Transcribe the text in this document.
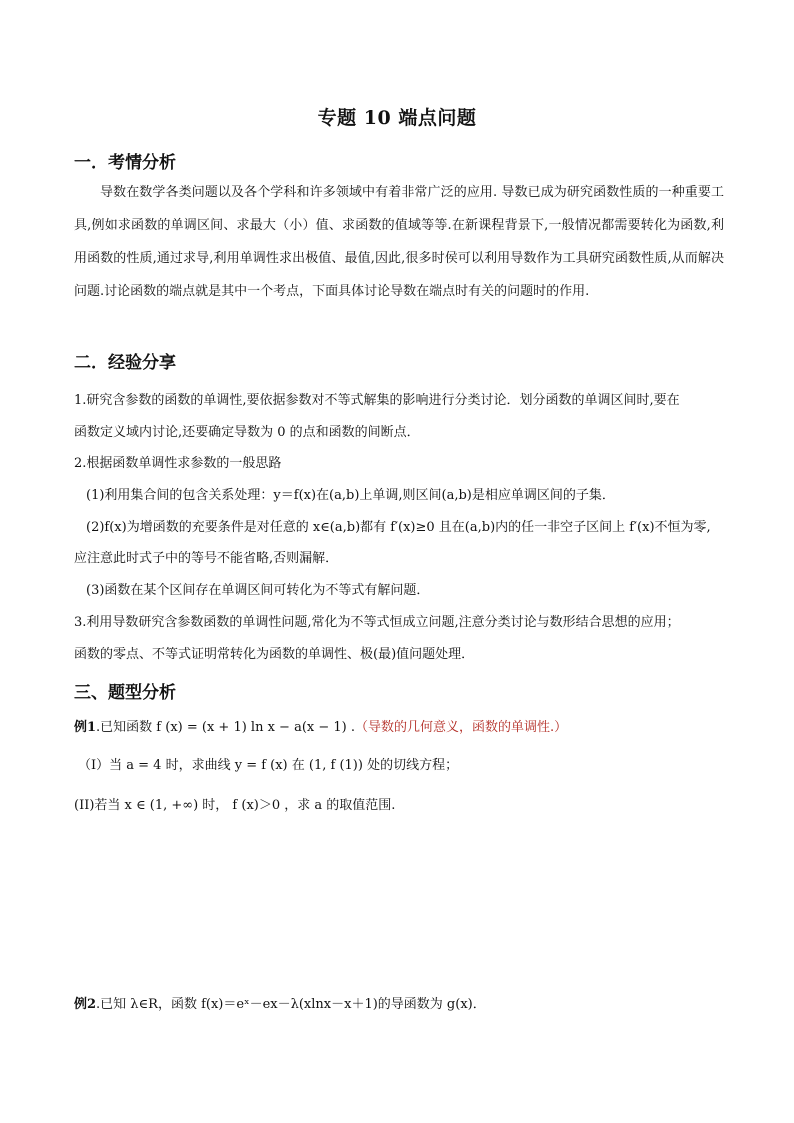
专题 10 端点问题
一．考情分析
导数在数学各类问题以及各个学科和许多领域中有着非常广泛的应用. 导数已成为研究函数性质的一种重要工具,例如求函数的单调区间、求最大（小）值、求函数的值域等等.在新课程背景下,一般情况都需要转化为函数,利用函数的性质,通过求导,利用单调性求出极值、最值,因此,很多时侯可以利用导数作为工具研究函数性质,从而解决问题.讨论函数的端点就是其中一个考点，下面具体讨论导数在端点时有关的问题时的作用.
二．经验分享
1.研究含参数的函数的单调性,要依据参数对不等式解集的影响进行分类讨论．划分函数的单调区间时,要在
函数定义域内讨论,还要确定导数为 0 的点和函数的间断点．
2.根据函数单调性求参数的一般思路
(1)利用集合间的包含关系处理：y＝f(x)在(a,b)上单调,则区间(a,b)是相应单调区间的子集．
(2)f(x)为增函数的充要条件是对任意的 x∈(a,b)都有 f′(x)≥0 且在(a,b)内的任一非空子区间上 f′(x)不恒为零,
应注意此时式子中的等号不能省略,否则漏解．
(3)函数在某个区间存在单调区间可转化为不等式有解问题．
3.利用导数研究含参数函数的单调性问题,常化为不等式恒成立问题,注意分类讨论与数形结合思想的应用；
函数的零点、不等式证明常转化为函数的单调性、极(最)值问题处理．
三、题型分析
例1.已知函数 f (x) = (x + 1) ln x − a(x − 1) .（导数的几何意义，函数的单调性.）
（I）当 a = 4 时，求曲线 y = f (x) 在 (1, f (1)) 处的切线方程；
(II)若当 x ∈ (1, +∞) 时， f (x)＞0 ，求 a 的取值范围.
例2.已知 λ∈R，函数 f(x)＝eˣ－ex－λ(xlnx－x＋1)的导函数为 g(x)．
